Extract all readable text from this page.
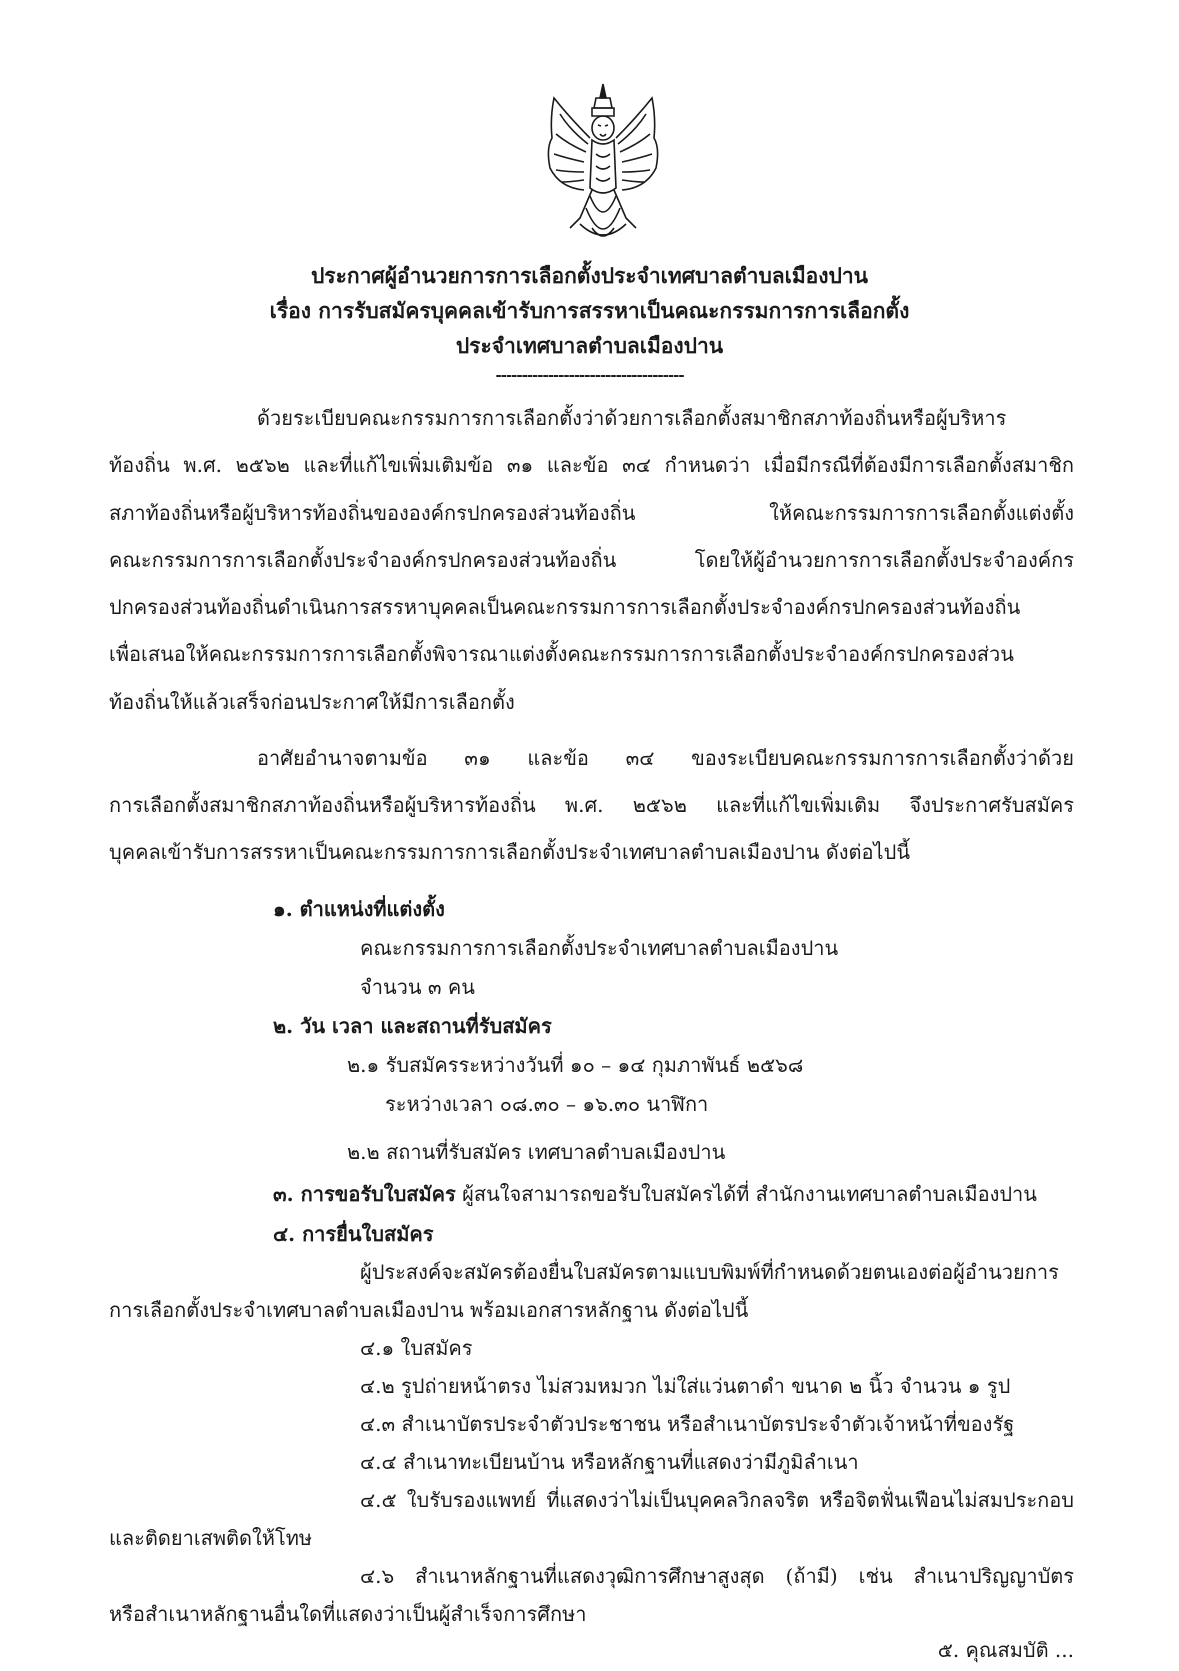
ประกาศผู้อำนวยการการเลือกตั้งประจำเทศบาลตำบลเมืองปาน
เรื่อง การรับสมัครบุคคลเข้ารับการสรรหาเป็นคณะกรรมการการเลือกตั้ง
ประจำเทศบาลตำบลเมืองปาน
------------------------------------
ด้วยระเบียบคณะกรรมการการเลือกตั้งว่าด้วยการเลือกตั้งสมาชิกสภาท้องถิ่นหรือผู้บริหาร
ท้องถิ่น พ.ศ. ๒๕๖๒ และที่แก้ไขเพิ่มเติมข้อ ๓๑ และข้อ ๓๔ กำหนดว่า เมื่อมีกรณีที่ต้องมีการเลือกตั้งสมาชิก
สภาท้องถิ่นหรือผู้บริหารท้องถิ่นขององค์กรปกครองส่วนท้องถิ่น ให้คณะกรรมการการเลือกตั้งแต่งตั้ง
คณะกรรมการการเลือกตั้งประจำองค์กรปกครองส่วนท้องถิ่น โดยให้ผู้อำนวยการการเลือกตั้งประจำองค์กร
ปกครองส่วนท้องถิ่นดำเนินการสรรหาบุคคลเป็นคณะกรรมการการเลือกตั้งประจำองค์กรปกครองส่วนท้องถิ่น
เพื่อเสนอให้คณะกรรมการการเลือกตั้งพิจารณาแต่งตั้งคณะกรรมการการเลือกตั้งประจำองค์กรปกครองส่วน
ท้องถิ่นให้แล้วเสร็จก่อนประกาศให้มีการเลือกตั้ง
อาศัยอำนาจตามข้อ ๓๑ และข้อ ๓๔ ของระเบียบคณะกรรมการการเลือกตั้งว่าด้วย
การเลือกตั้งสมาชิกสภาท้องถิ่นหรือผู้บริหารท้องถิ่น พ.ศ. ๒๕๖๒ และที่แก้ไขเพิ่มเติม จึงประกาศรับสมัคร
บุคคลเข้ารับการสรรหาเป็นคณะกรรมการการเลือกตั้งประจำเทศบาลตำบลเมืองปาน ดังต่อไปนี้
๑. ตำแหน่งที่แต่งตั้ง
คณะกรรมการการเลือกตั้งประจำเทศบาลตำบลเมืองปาน
จำนวน ๓ คน
๒. วัน เวลา และสถานที่รับสมัคร
๒.๑ รับสมัครระหว่างวันที่ ๑๐ – ๑๔ กุมภาพันธ์ ๒๕๖๘
ระหว่างเวลา ๐๘.๓๐ – ๑๖.๓๐ นาฬิกา
๒.๒ สถานที่รับสมัคร เทศบาลตำบลเมืองปาน
๓. การขอรับใบสมัคร ผู้สนใจสามารถขอรับใบสมัครได้ที่ สำนักงานเทศบาลตำบลเมืองปาน
๔. การยื่นใบสมัคร
ผู้ประสงค์จะสมัครต้องยื่นใบสมัครตามแบบพิมพ์ที่กำหนดด้วยตนเองต่อผู้อำนวยการ
การเลือกตั้งประจำเทศบาลตำบลเมืองปาน พร้อมเอกสารหลักฐาน ดังต่อไปนี้
๔.๑ ใบสมัคร
๔.๒ รูปถ่ายหน้าตรง ไม่สวมหมวก ไม่ใส่แว่นตาดำ ขนาด ๒ นิ้ว จำนวน ๑ รูป
๔.๓ สำเนาบัตรประจำตัวประชาชน หรือสำเนาบัตรประจำตัวเจ้าหน้าที่ของรัฐ
๔.๔ สำเนาทะเบียนบ้าน หรือหลักฐานที่แสดงว่ามีภูมิลำเนา
๔.๕ ใบรับรองแพทย์ ที่แสดงว่าไม่เป็นบุคคลวิกลจริต หรือจิตฟั่นเฟือนไม่สมประกอบ
๕. คุณสมบัติ ...
และติดยาเสพติดให้โทษ
๔.๖ สำเนาหลักฐานที่แสดงวุฒิการศึกษาสูงสุด (ถ้ามี) เช่น สำเนาปริญญาบัตร
หรือสำเนาหลักฐานอื่นใดที่แสดงว่าเป็นผู้สำเร็จการศึกษา
